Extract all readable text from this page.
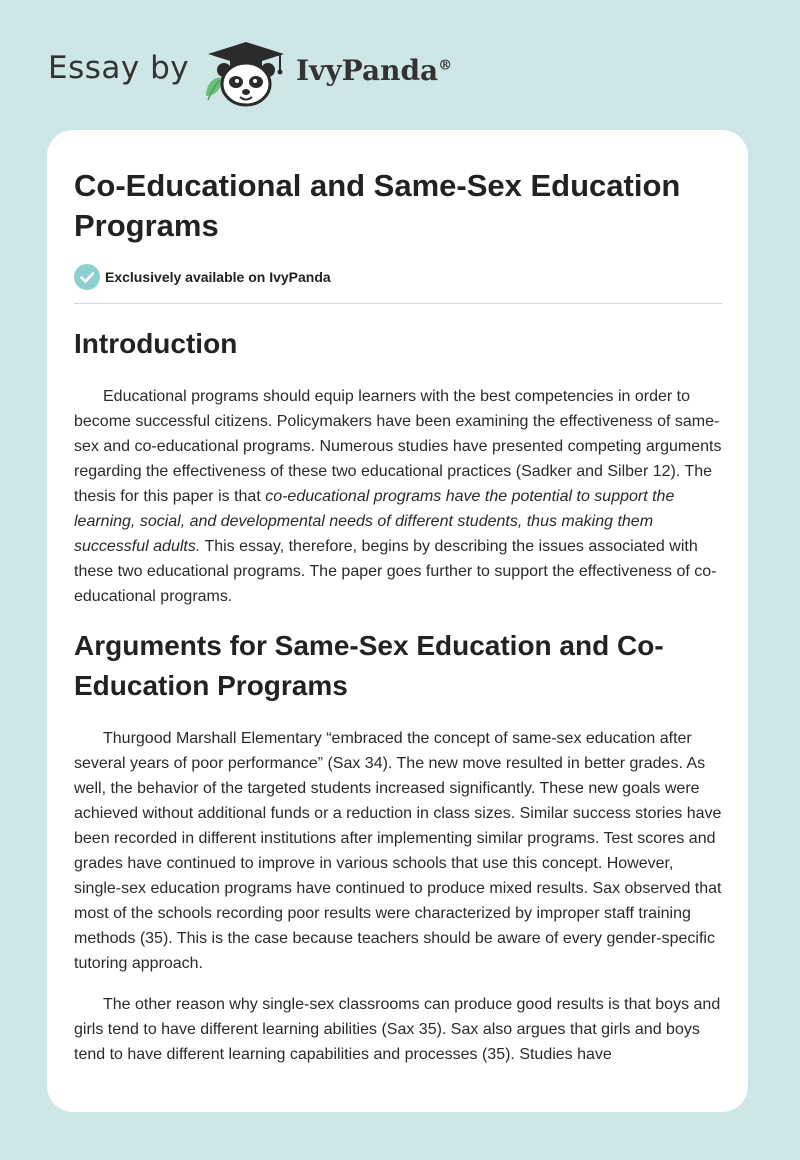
Essay by	IvyPanda®
Co-Educational and Same-Sex Education Programs
Exclusively available on IvyPanda
Introduction

Educational programs should equip learners with the best competencies in order to become successful citizens. Policymakers have been examining the effectiveness of same-sex and co-educational programs. Numerous studies have presented competing arguments regarding the effectiveness of these two educational practices (Sadker and Silber 12). The thesis for this paper is that co-educational programs have the potential to support the learning, social, and developmental needs of different students, thus making them successful adults. This essay, therefore, begins by describing the issues associated with these two educational programs. The paper goes further to support the effectiveness of co-educational programs.

Arguments for Same-Sex Education and Co-Education Programs

Thurgood Marshall Elementary “embraced the concept of same-sex education after several years of poor performance” (Sax 34). The new move resulted in better grades. As well, the behavior of the targeted students increased significantly. These new goals were achieved without additional funds or a reduction in class sizes. Similar success stories have been recorded in different institutions after implementing similar programs. Test scores and grades have continued to improve in various schools that use this concept. However, single-sex education programs have continued to produce mixed results. Sax observed that most of the schools recording poor results were characterized by improper staff training methods (35). This is the case because teachers should be aware of every gender-specific tutoring approach.

The other reason why single-sex classrooms can produce good results is that boys and girls tend to have different learning abilities (Sax 35). Sax also argues that girls and boys tend to have different learning capabilities and processes (35). Studies have
